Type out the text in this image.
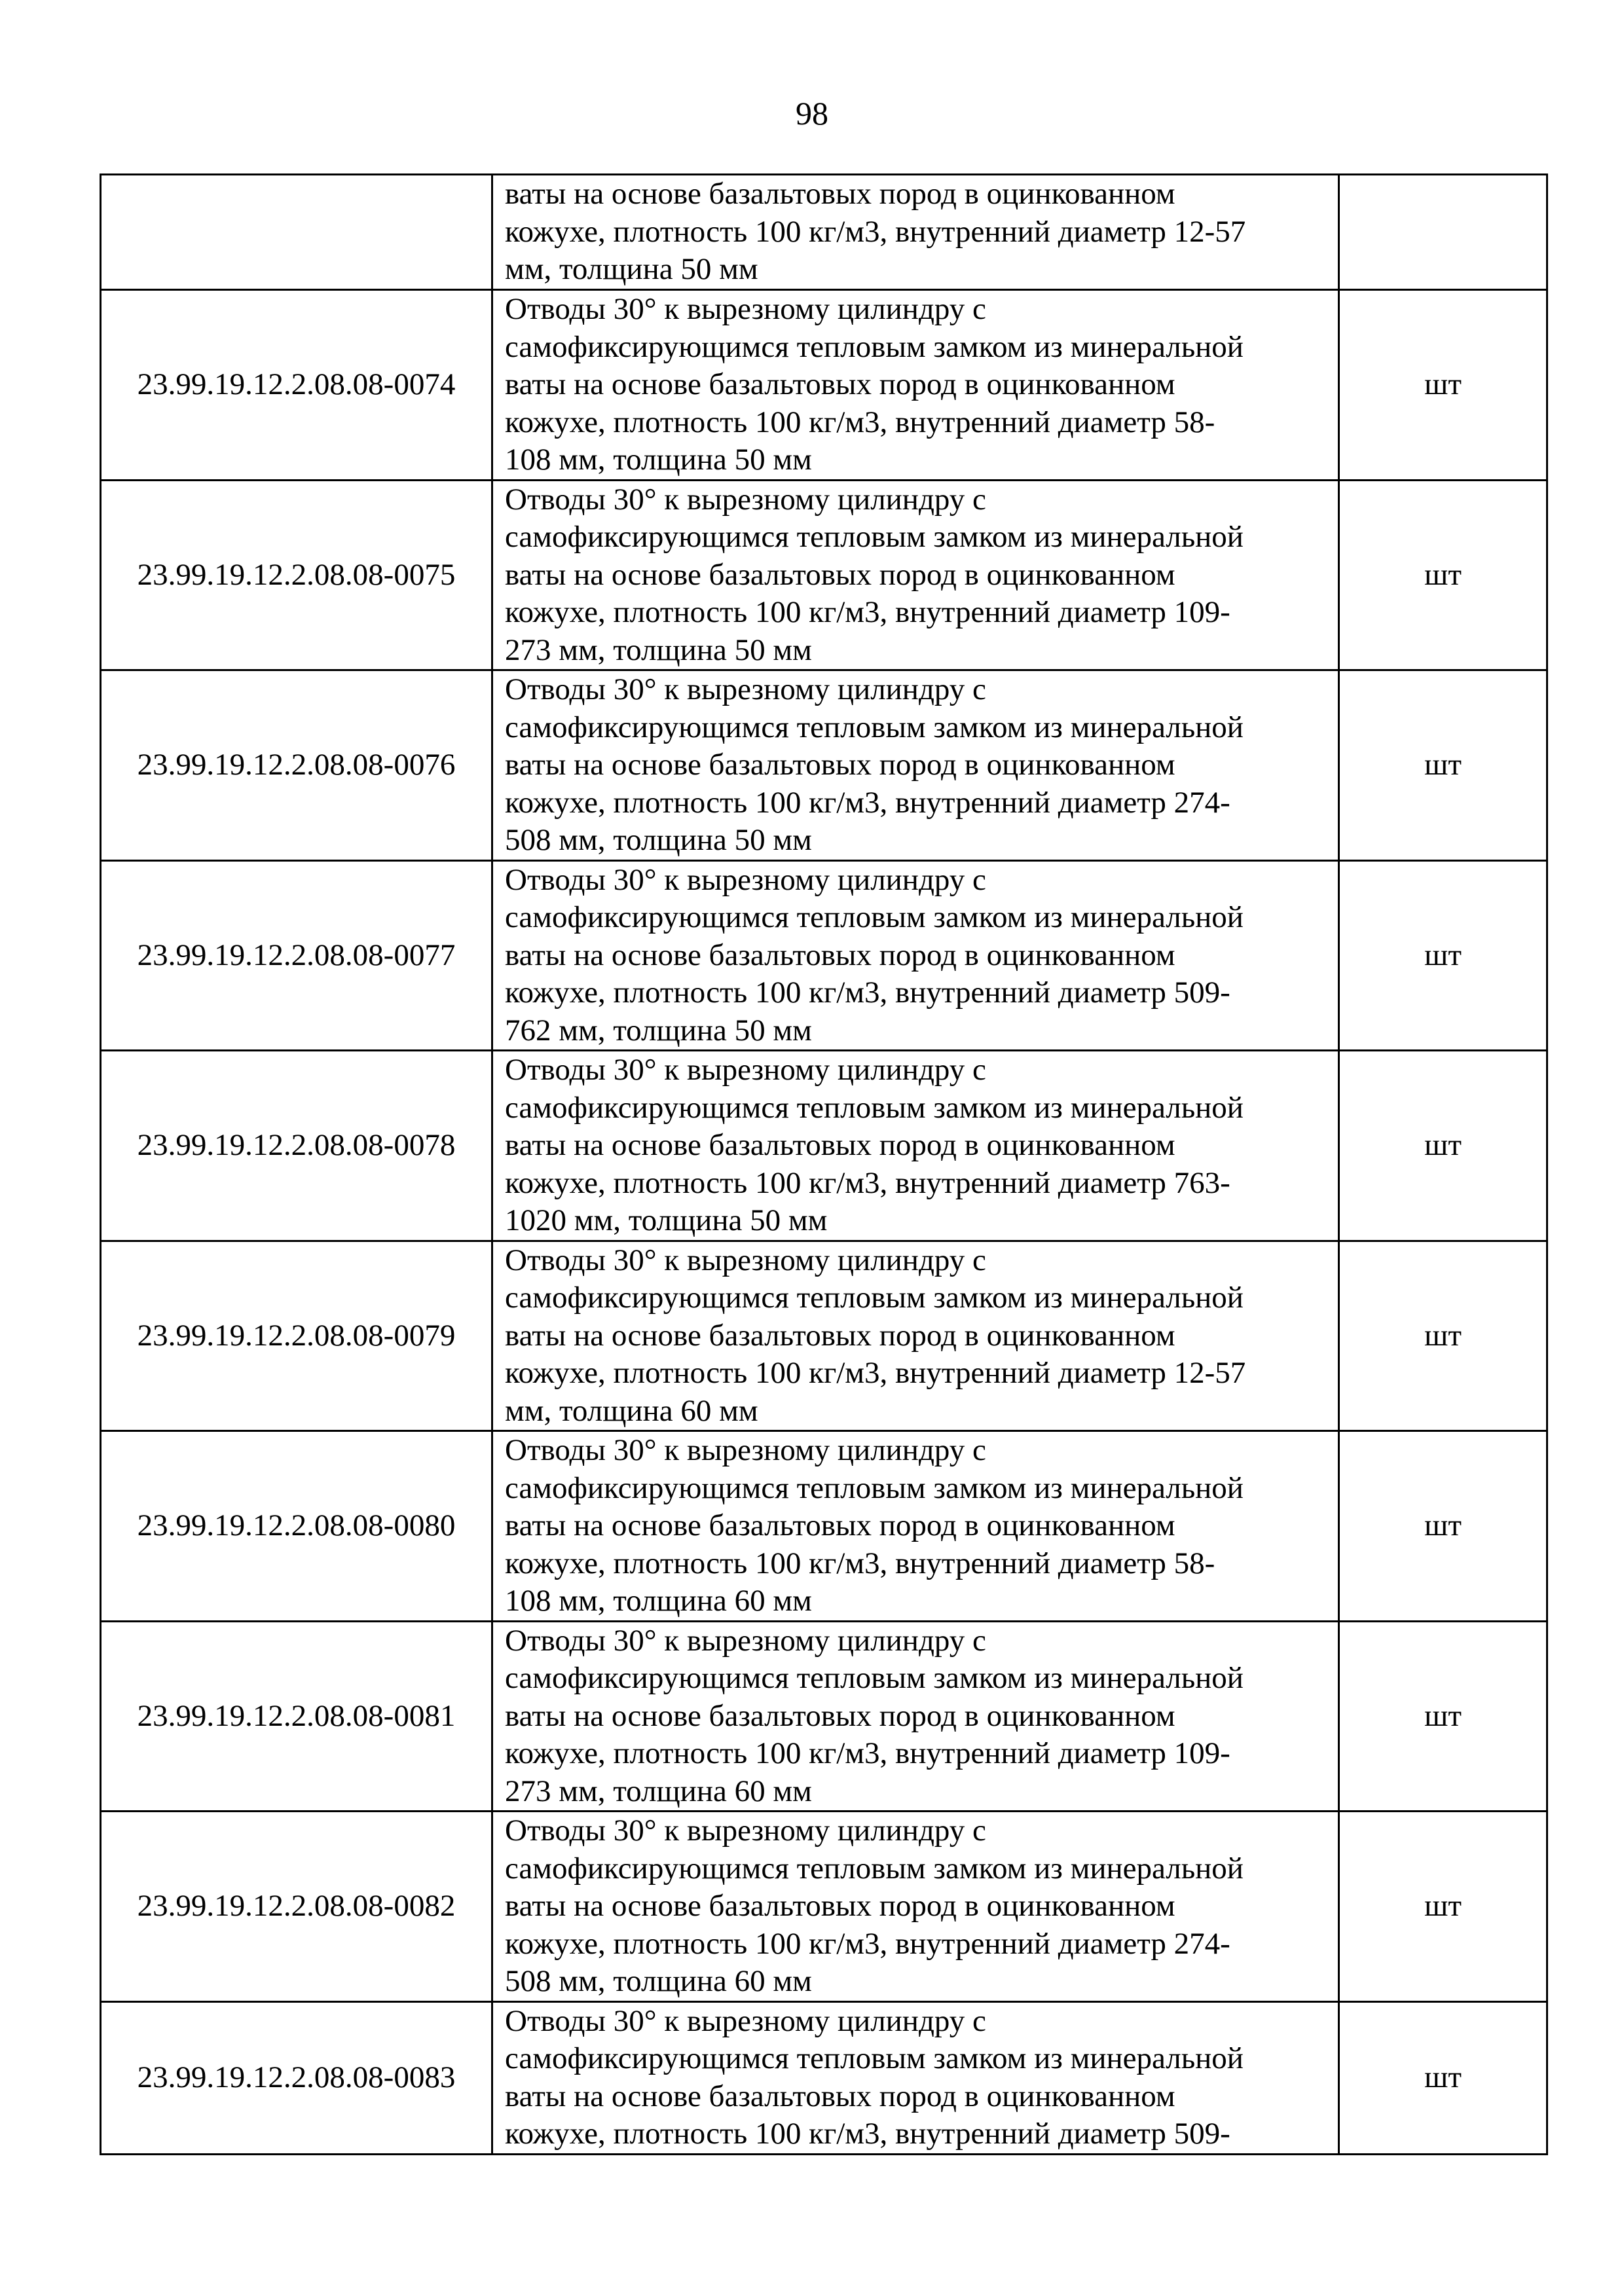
98

	ваты на основе базальтовых пород в оцинкованном
кожухе, плотность 100 кг/м3, внутренний диаметр 12-57
мм, толщина 50 мм	

23.99.19.12.2.08.08-0074	Отводы 30° к вырезному цилиндру с
самофиксирующимся тепловым замком из минеральной
ваты на основе базальтовых пород в оцинкованном
кожухе, плотность 100 кг/м3, внутренний диаметр 58-
108 мм, толщина 50 мм	шт
23.99.19.12.2.08.08-0075	Отводы 30° к вырезному цилиндру с
самофиксирующимся тепловым замком из минеральной
ваты на основе базальтовых пород в оцинкованном
кожухе, плотность 100 кг/м3, внутренний диаметр 109-
273 мм, толщина 50 мм	шт
23.99.19.12.2.08.08-0076	Отводы 30° к вырезному цилиндру с
самофиксирующимся тепловым замком из минеральной
ваты на основе базальтовых пород в оцинкованном
кожухе, плотность 100 кг/м3, внутренний диаметр 274-
508 мм, толщина 50 мм	шт
23.99.19.12.2.08.08-0077	Отводы 30° к вырезному цилиндру с
самофиксирующимся тепловым замком из минеральной
ваты на основе базальтовых пород в оцинкованном
кожухе, плотность 100 кг/м3, внутренний диаметр 509-
762 мм, толщина 50 мм	шт
23.99.19.12.2.08.08-0078	Отводы 30° к вырезному цилиндру с
самофиксирующимся тепловым замком из минеральной
ваты на основе базальтовых пород в оцинкованном
кожухе, плотность 100 кг/м3, внутренний диаметр 763-
1020 мм, толщина 50 мм	шт
23.99.19.12.2.08.08-0079	Отводы 30° к вырезному цилиндру с
самофиксирующимся тепловым замком из минеральной
ваты на основе базальтовых пород в оцинкованном
кожухе, плотность 100 кг/м3, внутренний диаметр 12-57
мм, толщина 60 мм	шт
23.99.19.12.2.08.08-0080	Отводы 30° к вырезному цилиндру с
самофиксирующимся тепловым замком из минеральной
ваты на основе базальтовых пород в оцинкованном
кожухе, плотность 100 кг/м3, внутренний диаметр 58-
108 мм, толщина 60 мм	шт
23.99.19.12.2.08.08-0081	Отводы 30° к вырезному цилиндру с
самофиксирующимся тепловым замком из минеральной
ваты на основе базальтовых пород в оцинкованном
кожухе, плотность 100 кг/м3, внутренний диаметр 109-
273 мм, толщина 60 мм	шт
23.99.19.12.2.08.08-0082	Отводы 30° к вырезному цилиндру с
самофиксирующимся тепловым замком из минеральной
ваты на основе базальтовых пород в оцинкованном
кожухе, плотность 100 кг/м3, внутренний диаметр 274-
508 мм, толщина 60 мм	шт
23.99.19.12.2.08.08-0083	Отводы 30° к вырезному цилиндру с
самофиксирующимся тепловым замком из минеральной
ваты на основе базальтовых пород в оцинкованном
кожухе, плотность 100 кг/м3, внутренний диаметр 509-	шт
